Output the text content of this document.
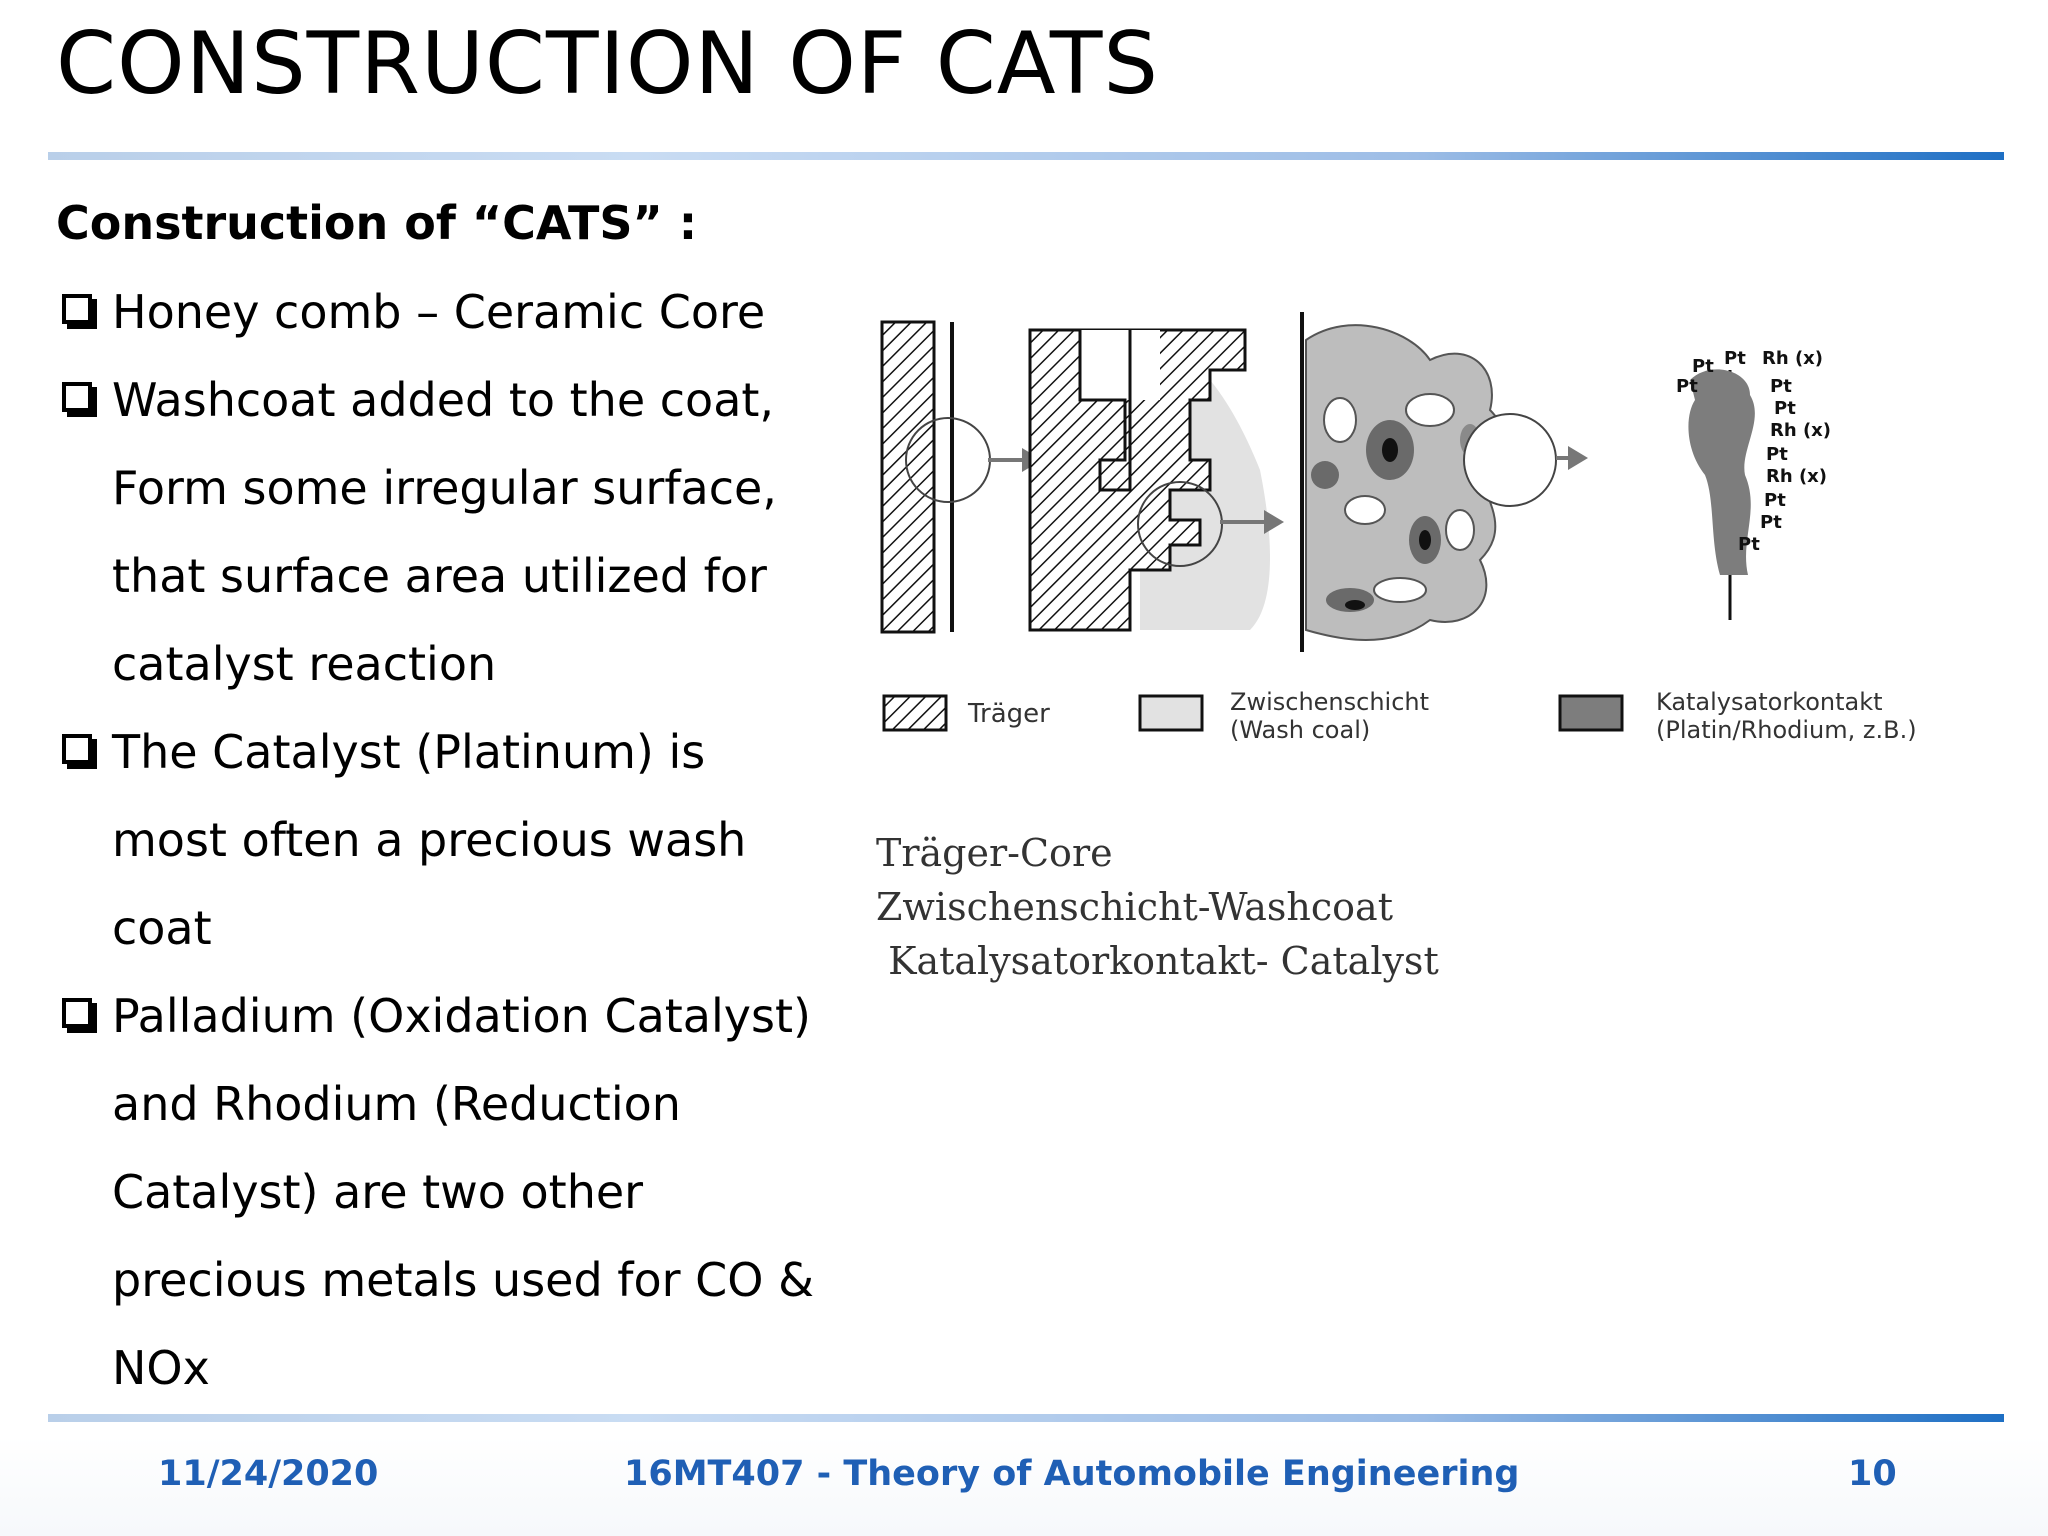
CONSTRUCTION OF CATS
Construction of “CATS” :
Honey comb – Ceramic Core
Washcoat added to the coat,
Form some irregular surface,
that surface area utilized for
catalyst reaction
The Catalyst (Platinum) is
most often a precious wash
coat
Palladium (Oxidation Catalyst)
and Rhodium (Reduction
Catalyst) are two other
precious metals used for CO &
NOx
Pt Pt
Pt
Rh (x)
Pt
Pt
Rh (x)
Pt
Rh (x)
Pt
Pt
Pt
Träger	Zwischenschicht
(Wash coal)
Katalysatorkontakt
(Platin/Rhodium, z.B.)
Träger-Core
Zwischenschicht-Washcoat
Katalysatorkontakt- Catalyst
11/24/2020	16MT407 - Theory of Automobile Engineering	10
